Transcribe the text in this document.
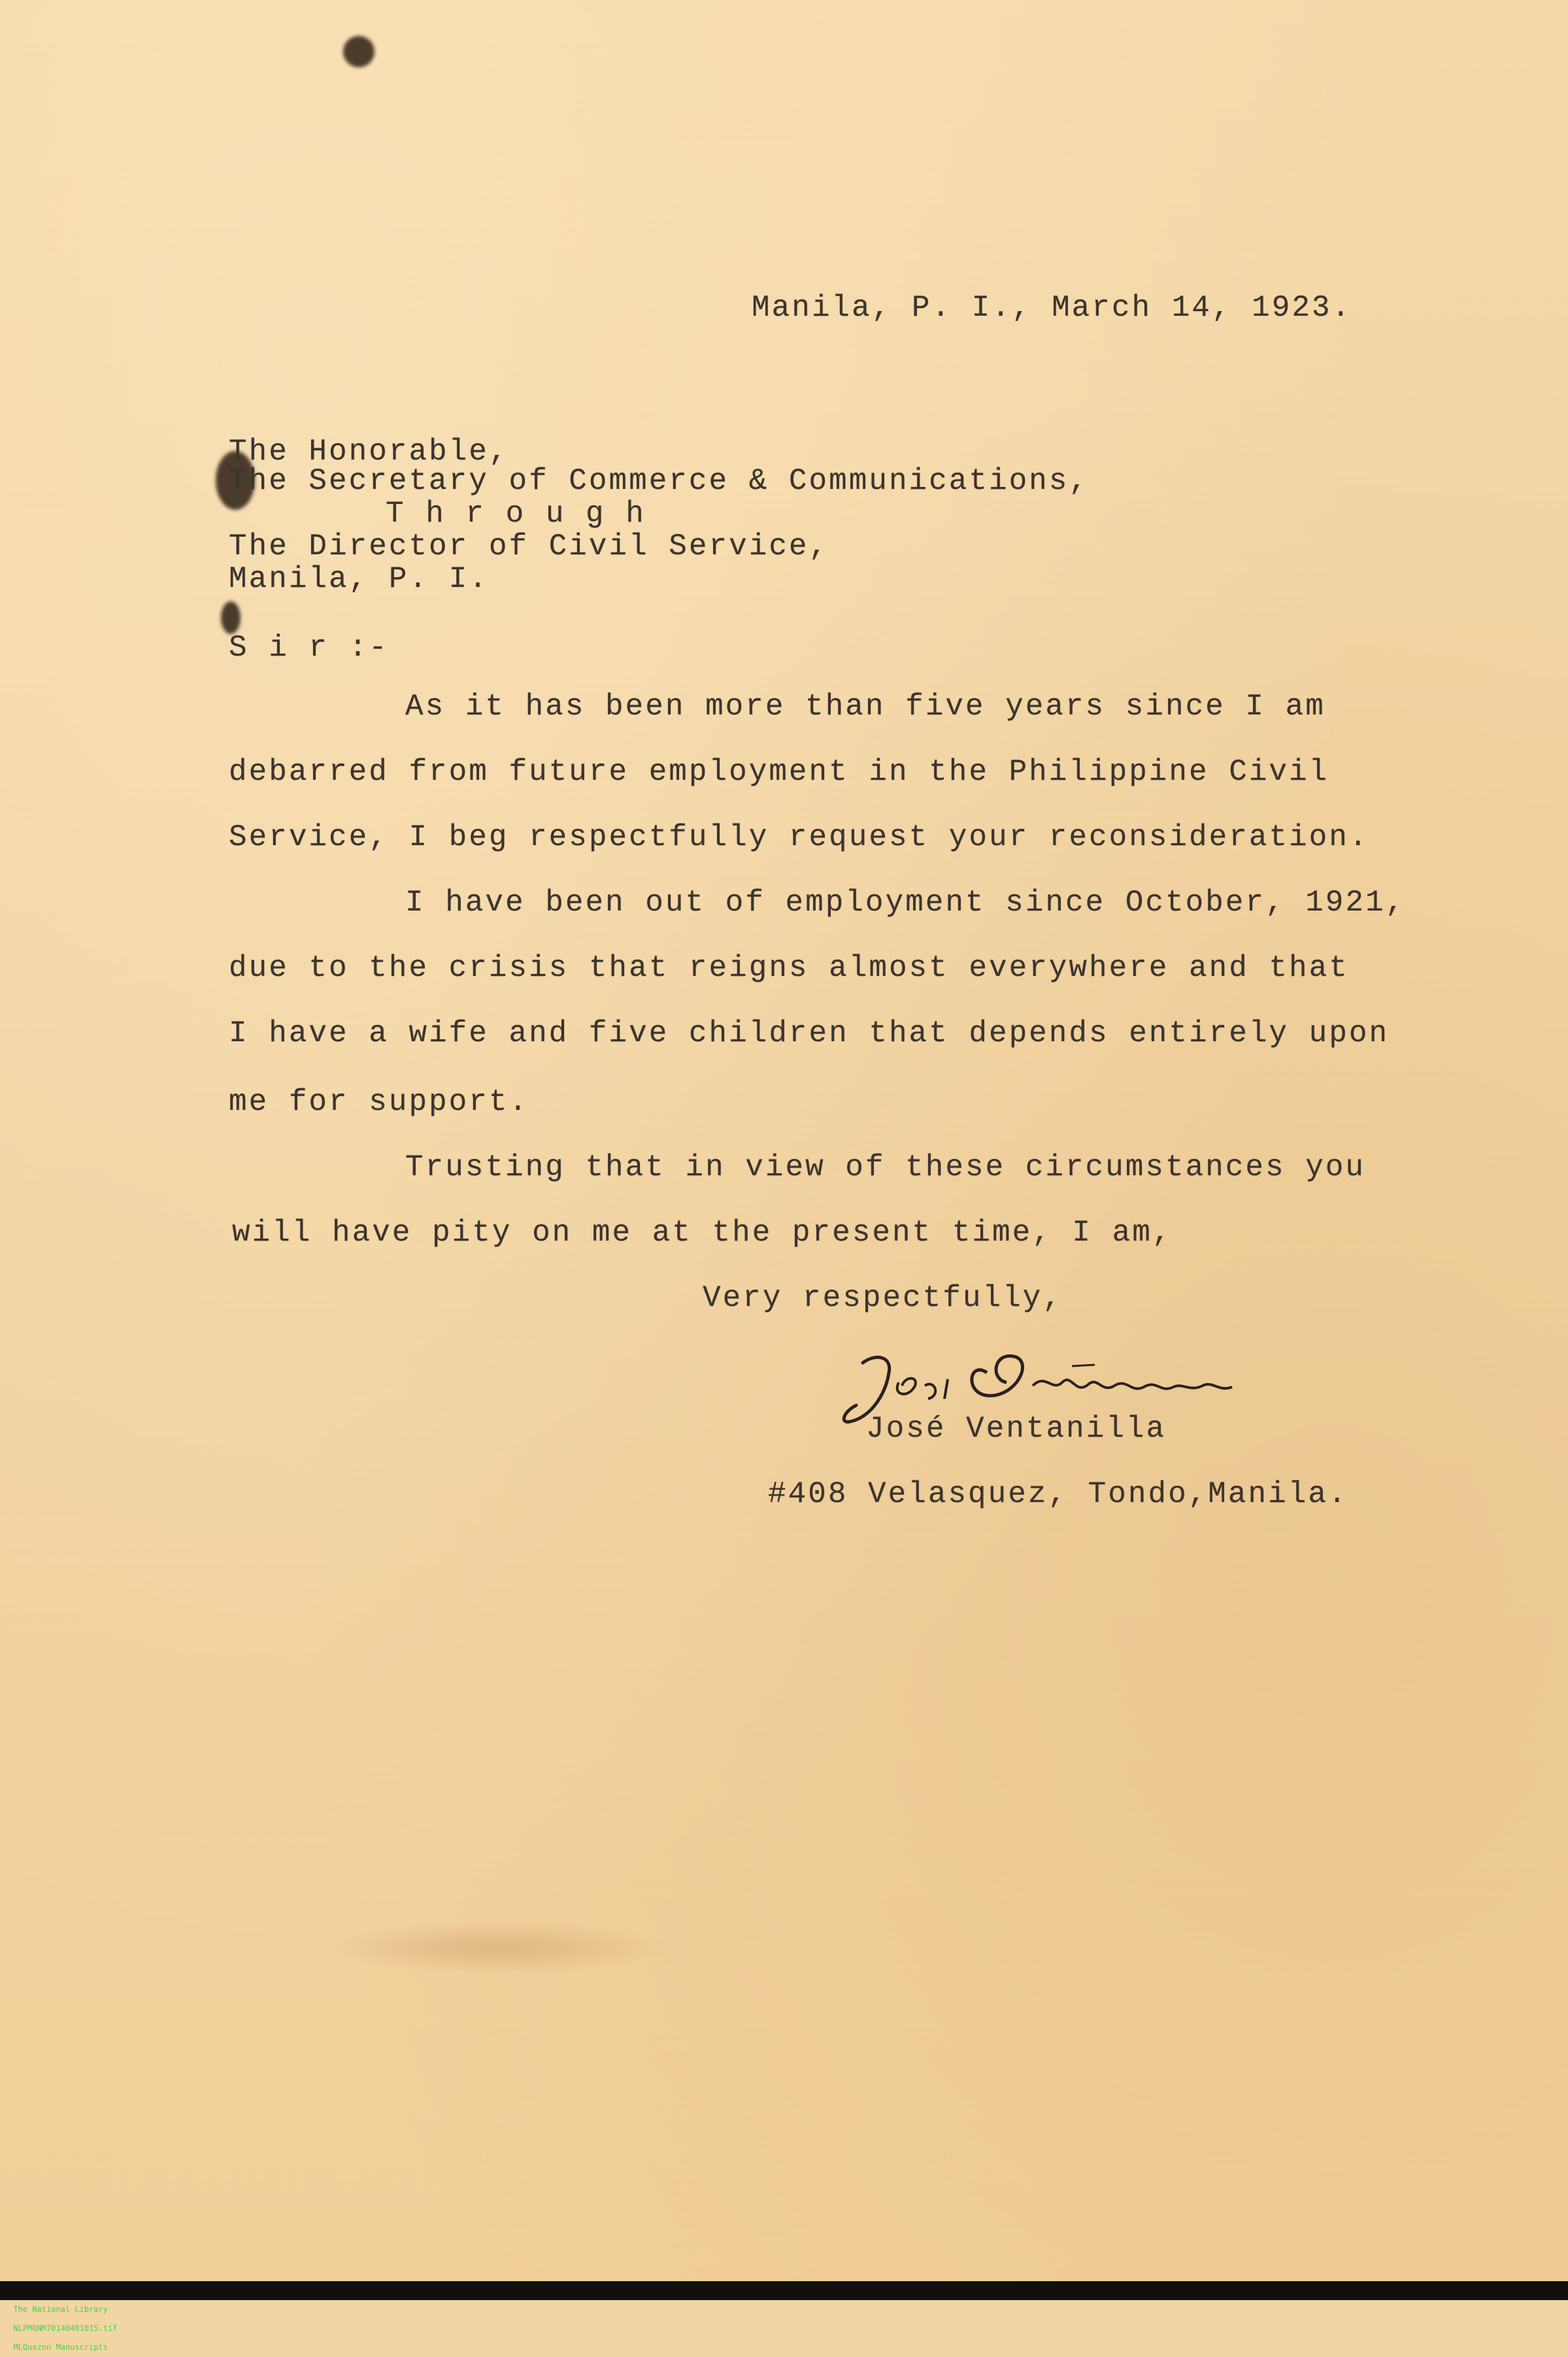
Manila, P. I., March 14, 1923.
The Honorable,
The Secretary of Commerce & Communications,
T h r o u g h
The Director of Civil Service,
Manila, P. I.
S i r :-
As it has been more than five years since I am
debarred from future employment in the Philippine Civil
Service, I beg respectfully request your reconsideration.
I have been out of employment since October, 1921,
due to the crisis that reigns almost everywhere and that
I have a wife and five children that depends entirely upon
me for support.
Trusting that in view of these circumstances you
will have pity on me at the present time, I am,
Very respectfully,
José Ventanilla
#408 Velasquez, Tondo,Manila.

The National Library
NLPMQNM70140401015.tif
MLQuezon Manuscripts
